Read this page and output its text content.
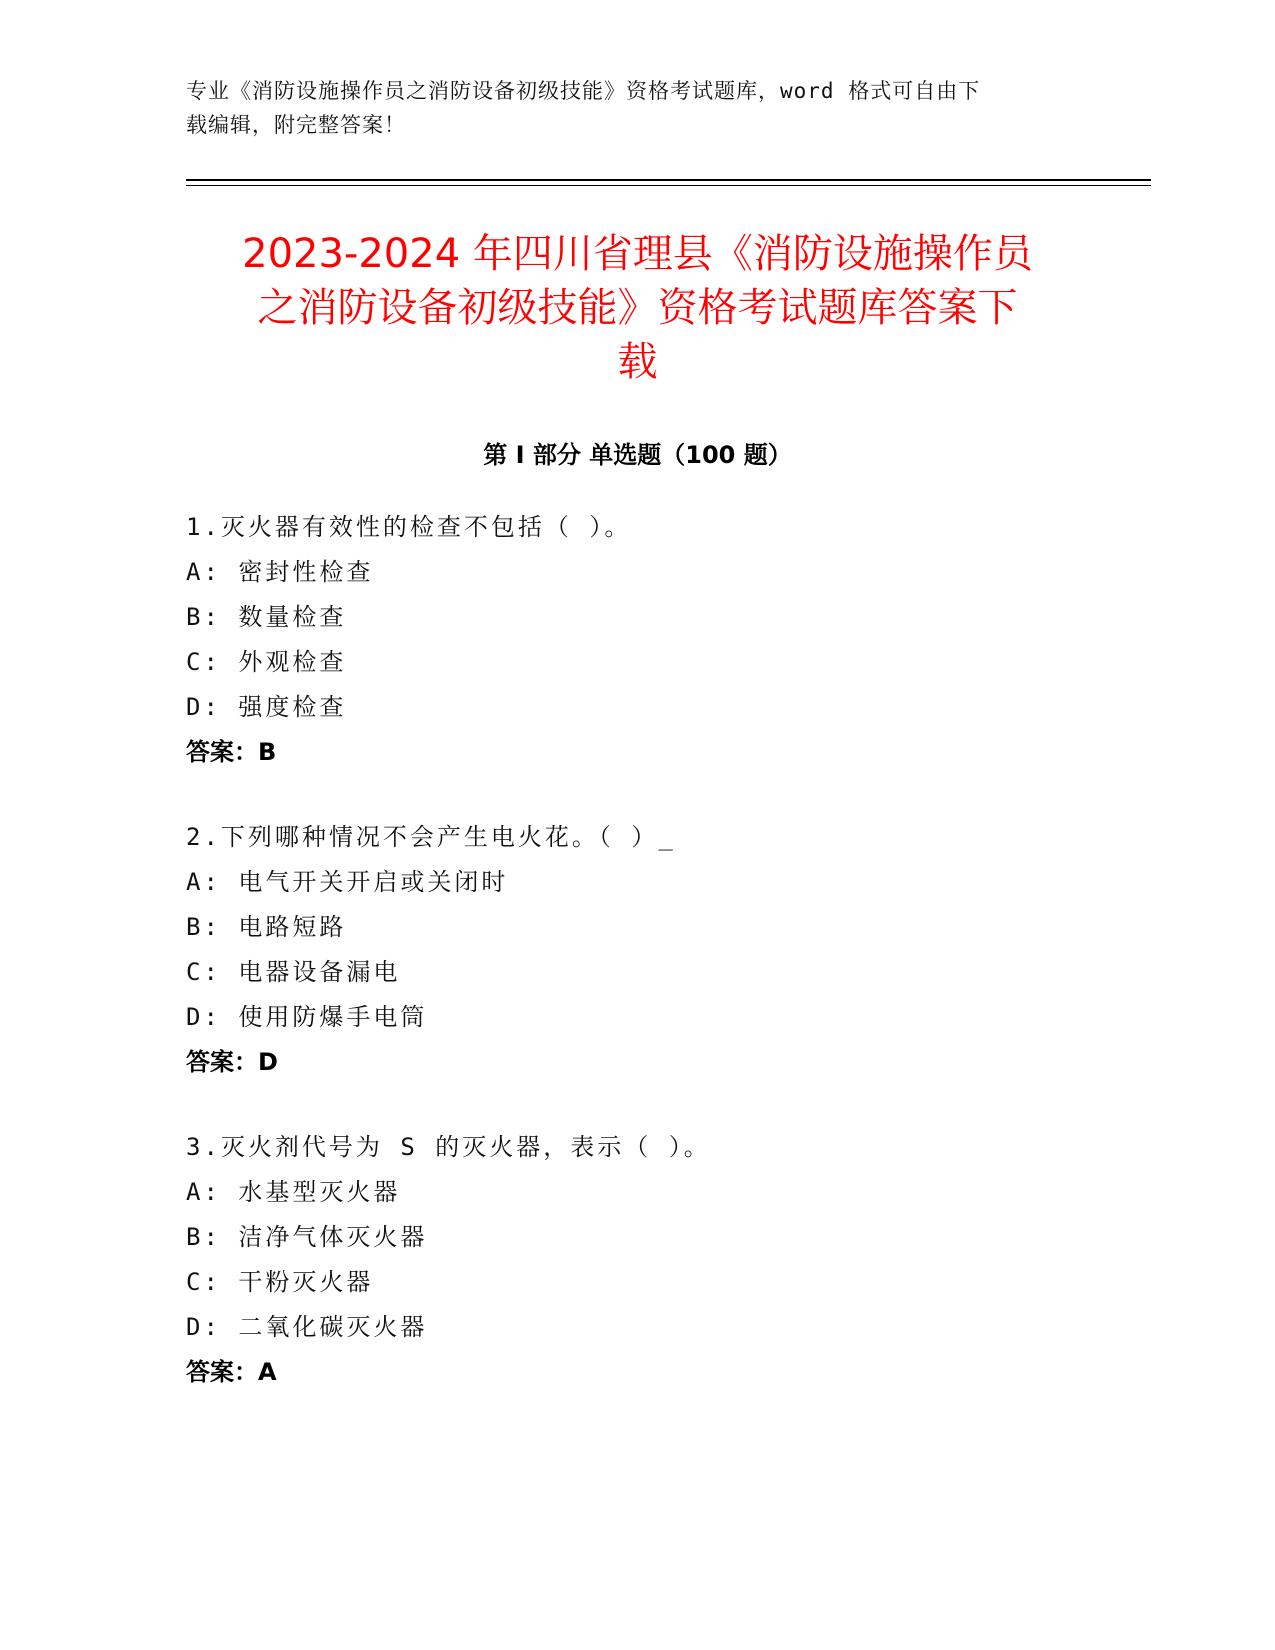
专业《消防设施操作员之消防设备初级技能》资格考试题库，word 格式可自由下
载编辑，附完整答案！
2023-2024 年四川省理县《消防设施操作员
之消防设备初级技能》资格考试题库答案下
载
第 I 部分 单选题（100 题）
1.灭火器有效性的检查不包括（ ）。
A: 密封性检查
B: 数量检查
C: 外观检查
D: 强度检查
答案：B
2.下列哪种情况不会产生电火花。（ ）_
A: 电气开关开启或关闭时
B: 电路短路
C: 电器设备漏电
D: 使用防爆手电筒
答案：D
3.灭火剂代号为 S 的灭火器，表示（ ）。
A: 水基型灭火器
B: 洁净气体灭火器
C: 干粉灭火器
D: 二氧化碳灭火器
答案：A
